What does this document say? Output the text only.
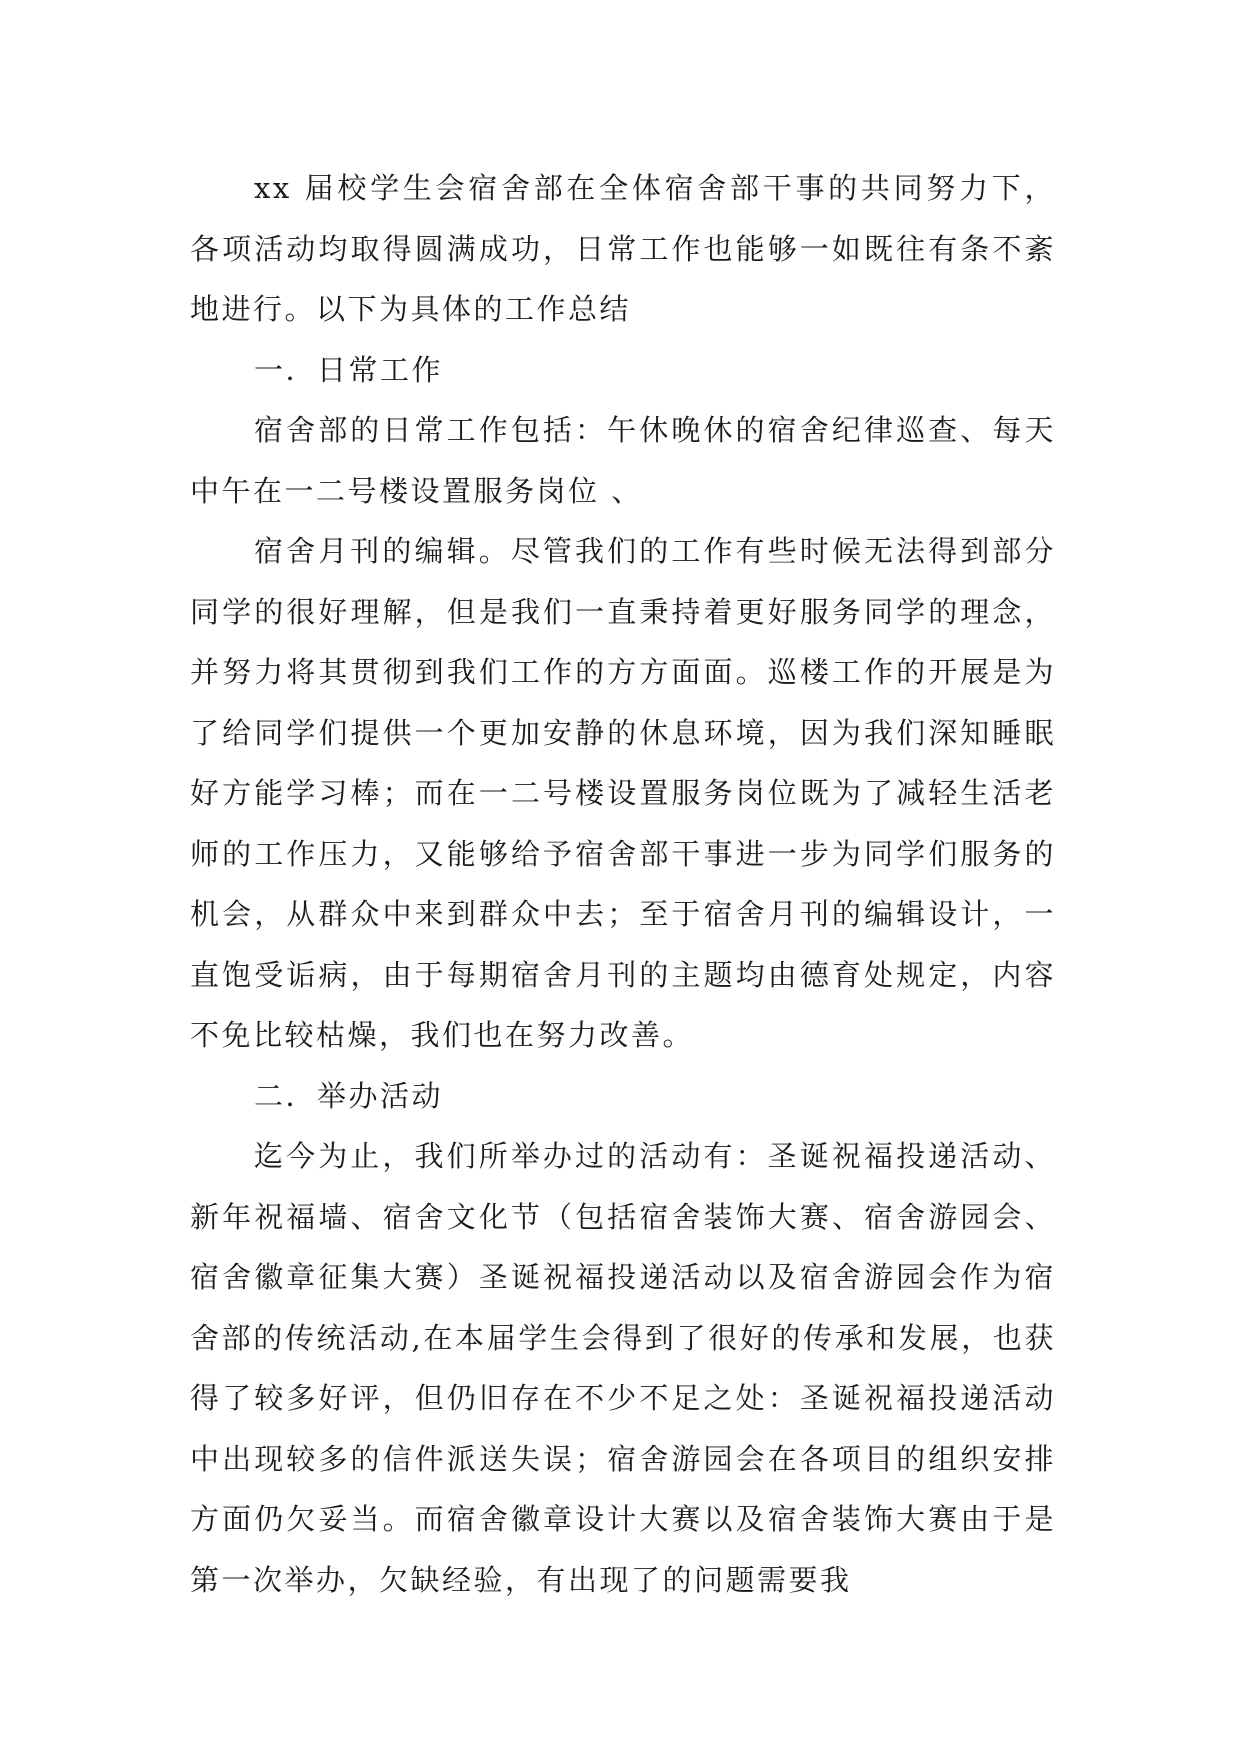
xx 届校学生会宿舍部在全体宿舍部干事的共同努力下，各项活动均取得圆满成功，日常工作也能够一如既往有条不紊地进行。以下为具体的工作总结

一．日常工作

宿舍部的日常工作包括：午休晚休的宿舍纪律巡查、每天中午在一二号楼设置服务岗位 、

宿舍月刊的编辑。尽管我们的工作有些时候无法得到部分同学的很好理解，但是我们一直秉持着更好服务同学的理念，并努力将其贯彻到我们工作的方方面面。巡楼工作的开展是为了给同学们提供一个更加安静的休息环境，因为我们深知睡眠好方能学习棒；而在一二号楼设置服务岗位既为了减轻生活老师的工作压力，又能够给予宿舍部干事进一步为同学们服务的机会，从群众中来到群众中去；至于宿舍月刊的编辑设计，一直饱受诟病，由于每期宿舍月刊的主题均由德育处规定，内容不免比较枯燥，我们也在努力改善。

二．举办活动

迄今为止，我们所举办过的活动有：圣诞祝福投递活动、新年祝福墙、宿舍文化节（包括宿舍装饰大赛、宿舍游园会、宿舍徽章征集大赛）圣诞祝福投递活动以及宿舍游园会作为宿舍部的传统活动,在本届学生会得到了很好的传承和发展，也获得了较多好评，但仍旧存在不少不足之处：圣诞祝福投递活动中出现较多的信件派送失误；宿舍游园会在各项目的组织安排方面仍欠妥当。而宿舍徽章设计大赛以及宿舍装饰大赛由于是第一次举办，欠缺经验，有出现了的问题需要我
